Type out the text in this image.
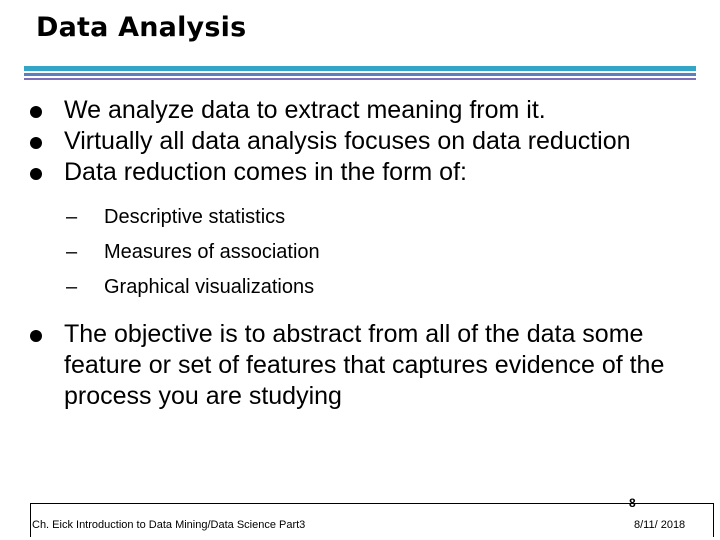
Data Analysis
We analyze data to extract meaning from it.
Virtually all data analysis focuses on data reduction
Data reduction comes in the form of:
– Descriptive statistics
– Measures of association
– Graphical visualizations
The objective is to abstract from all of the data some feature or set of features that captures evidence of the process you are studying
8
Ch. Eick Introduction to Data Mining/Data Science Part3	8/11/ 2018
